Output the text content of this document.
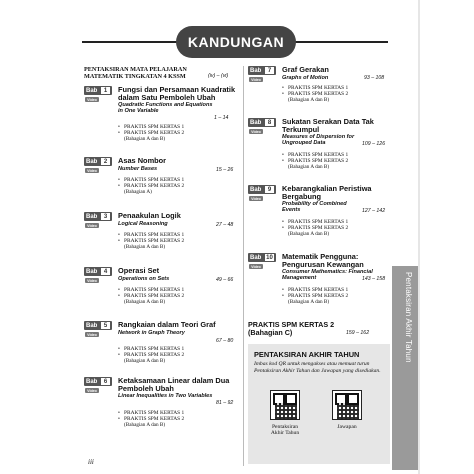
Pentaksiran Akhir Tahun
KANDUNGAN
PENTAKSIRAN MATA PELAJARAN
MATEMATIK TINGKATAN 4 KSSM	(iv) – (vi)
Bab	1
Video
Fungsi dan Persamaan Kuadratik dalam Satu Pemboleh Ubah
Quadratic Functions and Equations in One Variable
1 – 14
• PRAKTIS SPM KERTAS 1
• PRAKTIS SPM KERTAS 2
(Bahagian A dan B)
Bab	2
Video
Asas Nombor
Number Bases	15 – 26
• PRAKTIS SPM KERTAS 1
• PRAKTIS SPM KERTAS 2
(Bahagian A)
Bab	3
Video
Penaakulan Logik
Logical Reasoning	27 – 48
• PRAKTIS SPM KERTAS 1
• PRAKTIS SPM KERTAS 2
(Bahagian A dan B)
Bab	4
Video
Operasi Set
Operations on Sets	49 – 66
• PRAKTIS SPM KERTAS 1
• PRAKTIS SPM KERTAS 2
(Bahagian A dan B)
Bab	5
Video
Rangkaian dalam Teori Graf
Network in Graph Theory
67 – 80
• PRAKTIS SPM KERTAS 1
• PRAKTIS SPM KERTAS 2
(Bahagian A dan B)
Bab	6
Video
Ketaksamaan Linear dalam Dua Pemboleh Ubah
Linear Inequalities in Two Variables
81 – 92
• PRAKTIS SPM KERTAS 1
• PRAKTIS SPM KERTAS 2
(Bahagian A dan B)
Bab	7
Video
Graf Gerakan
Graphs of Motion	93 – 108
• PRAKTIS SPM KERTAS 1
• PRAKTIS SPM KERTAS 2
(Bahagian A dan B)
Bab	8
Video
Sukatan Serakan Data Tak Terkumpul
Measures of Dispersion for Ungrouped Data	109 – 126
• PRAKTIS SPM KERTAS 1
• PRAKTIS SPM KERTAS 2
(Bahagian A dan B)
Bab	9
Video
Kebarangkalian Peristiwa Bergabung
Probability of Combined Events	127 – 142
• PRAKTIS SPM KERTAS 1
• PRAKTIS SPM KERTAS 2
(Bahagian A dan B)
Bab 10
Video
Matematik Pengguna: Pengurusan Kewangan
Consumer Mathematics: Financial Management	143 – 158
• PRAKTIS SPM KERTAS 1
• PRAKTIS SPM KERTAS 2
(Bahagian A dan B)
PRAKTIS SPM KERTAS 2
(Bahagian C)	159 – 162
PENTAKSIRAN AKHIR TAHUN
Imbas kod QR untuk mengakses atau memuat turun Pentaksiran Akhir Tahun dan Jawapan yang disediakan.
Pentaksiran
Akhir Tahun
Jawapan
iii
